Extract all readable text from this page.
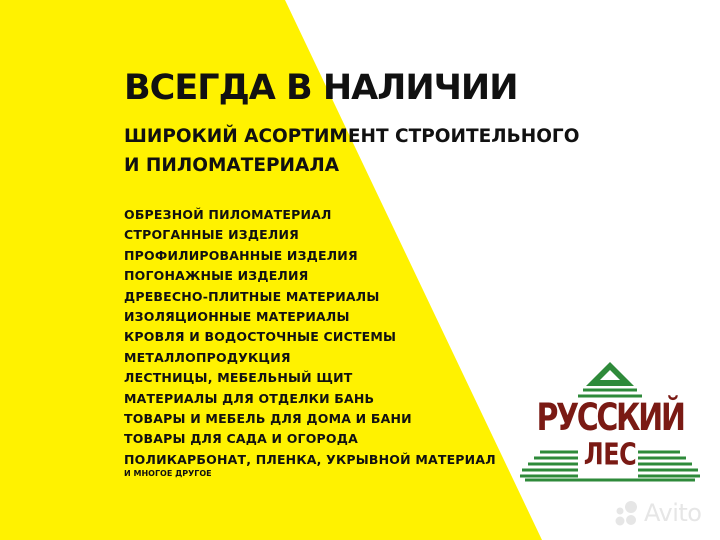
ВСЕГДА В НАЛИЧИИ
ШИРОКИЙ АСОРТИМЕНТ СТРОИТЕЛЬНОГО
И ПИЛОМАТЕРИАЛА
ОБРЕЗНОЙ ПИЛОМАТЕРИАЛ
СТРОГАННЫЕ ИЗДЕЛИЯ
ПРОФИЛИРОВАННЫЕ ИЗДЕЛИЯ
ПОГОНАЖНЫЕ ИЗДЕЛИЯ
ДРЕВЕСНО-ПЛИТНЫЕ МАТЕРИАЛЫ
ИЗОЛЯЦИОННЫЕ МАТЕРИАЛЫ
КРОВЛЯ И ВОДОСТОЧНЫЕ СИСТЕМЫ
МЕТАЛЛОПРОДУКЦИЯ
ЛЕСТНИЦЫ, МЕБЕЛЬНЫЙ ЩИТ
МАТЕРИАЛЫ ДЛЯ ОТДЕЛКИ БАНЬ
ТОВАРЫ И МЕБЕЛЬ ДЛЯ ДОМА И БАНИ
ТОВАРЫ ДЛЯ САДА И ОГОРОДА
ПОЛИКАРБОНАТ, ПЛЕНКА, УКРЫВНОЙ МАТЕРИАЛ
И МНОГОЕ ДРУГОЕ
РУССКИЙ
ЛЕС
Avito
